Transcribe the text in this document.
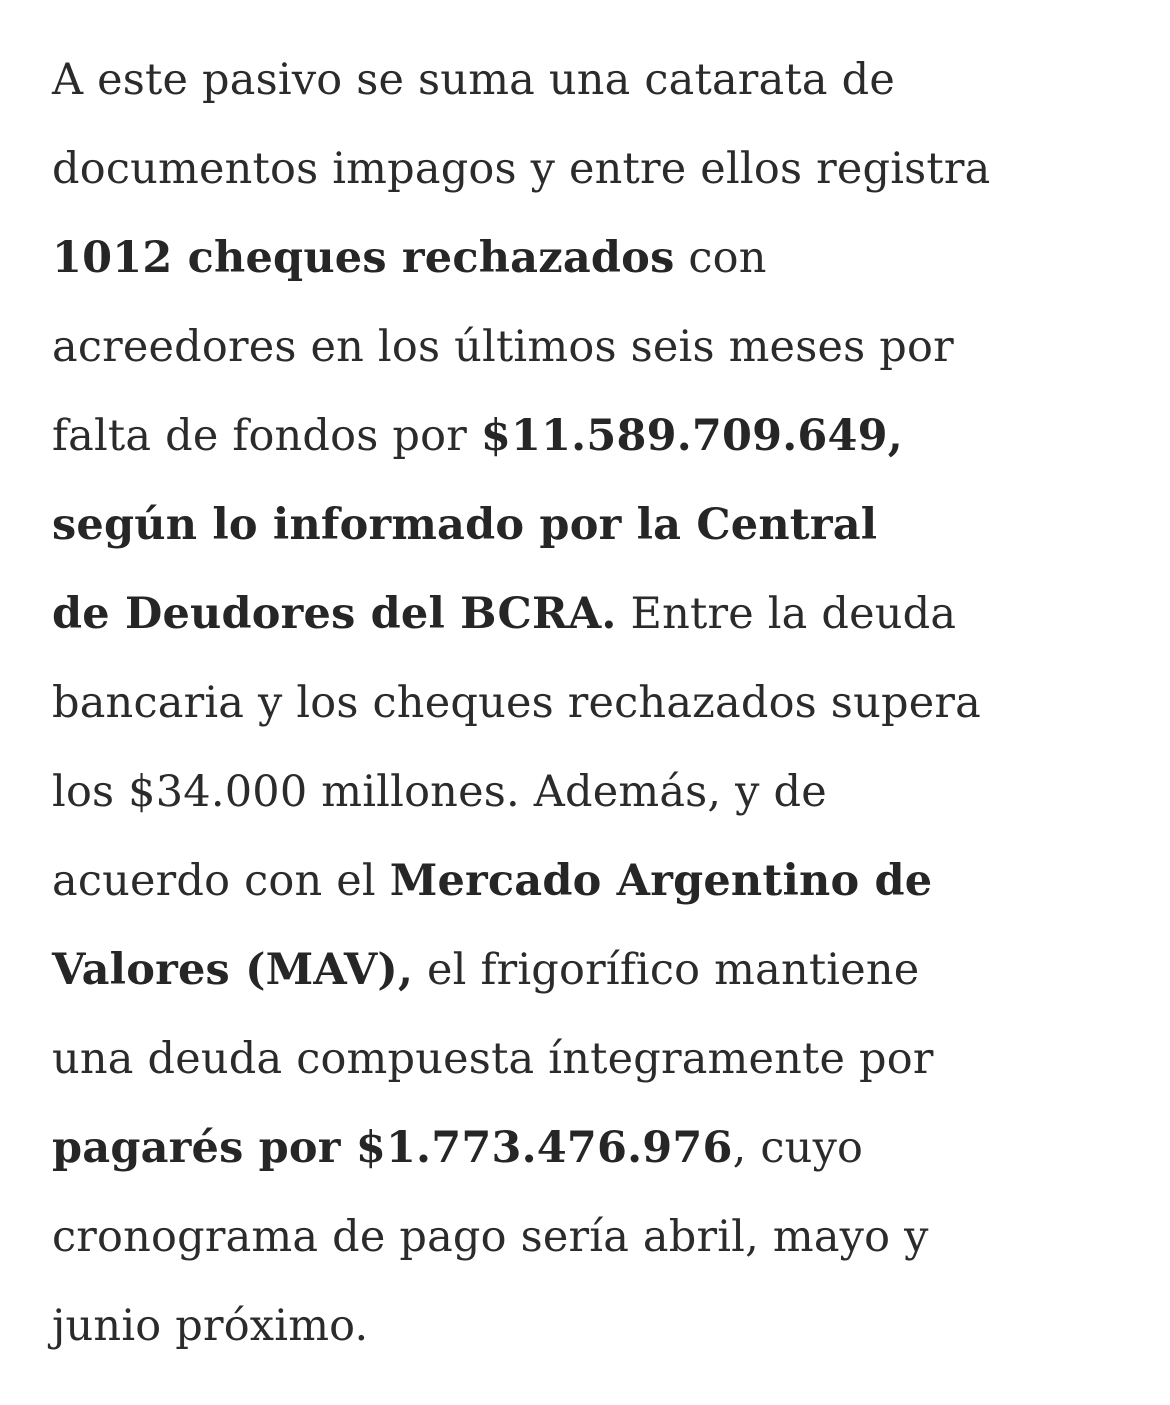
A este pasivo se suma una catarata de
documentos impagos y entre ellos registra
1012 cheques rechazados con
acreedores en los últimos seis meses por
falta de fondos por $11.589.709.649,
según lo informado por la Central
de Deudores del BCRA. Entre la deuda
bancaria y los cheques rechazados supera
los $34.000 millones. Además, y de
acuerdo con el Mercado Argentino de
Valores (MAV), el frigorífico mantiene
una deuda compuesta íntegramente por
pagarés por $1.773.476.976, cuyo
cronograma de pago sería abril, mayo y
junio próximo.
